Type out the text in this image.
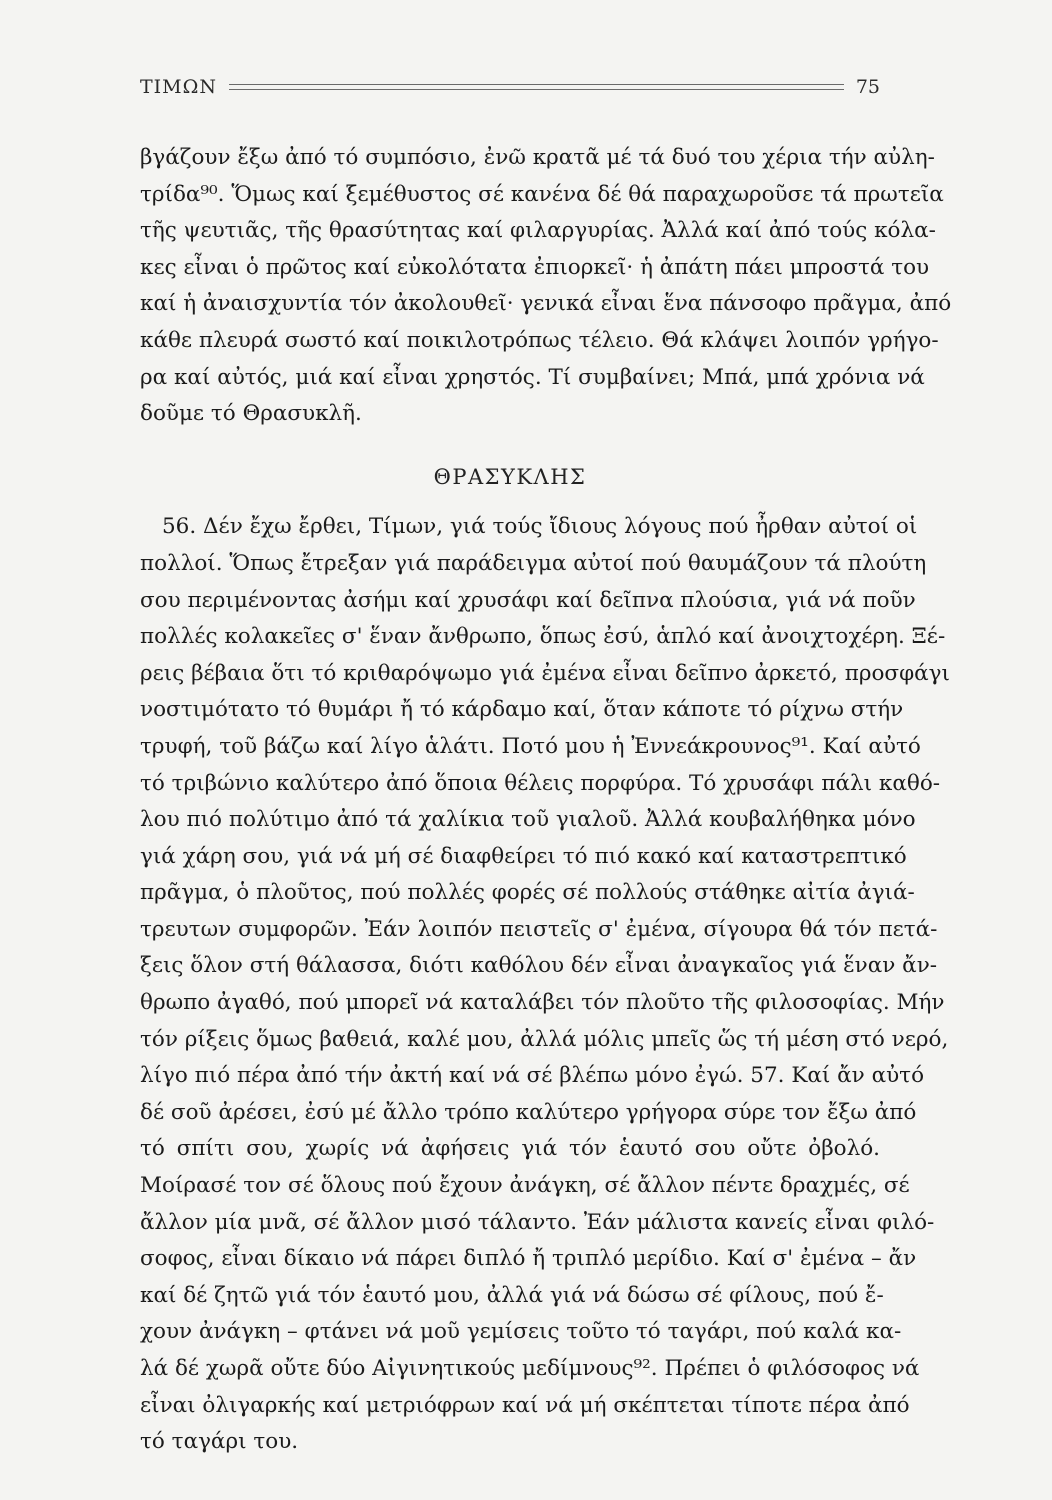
ΤΙΜΩΝ	75

βγάζουν ἔξω ἀπό τό συμπόσιο, ἐνῶ κρατᾶ μέ τά δυό του χέρια τήν αὐλη-
τρίδα⁹⁰. Ὅμως καί ξεμέθυστος σέ κανένα δέ θά παραχωροῦσε τά πρωτεῖα
τῆς ψευτιᾶς, τῆς θρασύτητας καί φιλαργυρίας. Ἀλλά καί ἀπό τούς κόλα-
κες εἶναι ὁ πρῶτος καί εὐκολότατα ἐπιορκεῖ· ἡ ἀπάτη πάει μπροστά του
καί ἡ ἀναισχυντία τόν ἀκολουθεῖ· γενικά εἶναι ἕνα πάνσοφο πρᾶγμα, ἀπό
κάθε πλευρά σωστό καί ποικιλοτρόπως τέλειο. Θά κλάψει λοιπόν γρήγο-
ρα καί αὐτός, μιά καί εἶναι χρηστός. Τί συμβαίνει; Μπά, μπά χρόνια νά
δοῦμε τό Θρασυκλῆ.

ΘΡΑΣΥΚΛΗΣ

56. Δέν ἔχω ἔρθει, Τίμων, γιά τούς ἴδιους λόγους πού ἦρθαν αὐτοί οἱ
πολλοί. Ὅπως ἔτρεξαν γιά παράδειγμα αὐτοί πού θαυμάζουν τά πλούτη
σου περιμένοντας ἀσήμι καί χρυσάφι καί δεῖπνα πλούσια, γιά νά ποῦν
πολλές κολακεῖες σ' ἕναν ἄνθρωπο, ὅπως ἐσύ, ἁπλό καί ἀνοιχτοχέρη. Ξέ-
ρεις βέβαια ὅτι τό κριθαρόψωμο γιά ἐμένα εἶναι δεῖπνο ἀρκετό, προσφάγι
νοστιμότατο τό θυμάρι ἤ τό κάρδαμο καί, ὅταν κάποτε τό ρίχνω στήν
τρυφή, τοῦ βάζω καί λίγο ἁλάτι. Ποτό μου ἡ Ἐννεάκρουνος⁹¹. Καί αὐτό
τό τριβώνιο καλύτερο ἀπό ὅποια θέλεις πορφύρα. Τό χρυσάφι πάλι καθό-
λου πιό πολύτιμο ἀπό τά χαλίκια τοῦ γιαλοῦ. Ἀλλά κουβαλήθηκα μόνο
γιά χάρη σου, γιά νά μή σέ διαφθείρει τό πιό κακό καί καταστρεπτικό
πρᾶγμα, ὁ πλοῦτος, πού πολλές φορές σέ πολλούς στάθηκε αἰτία ἀγιά-
τρευτων συμφορῶν. Ἐάν λοιπόν πειστεῖς σ' ἐμένα, σίγουρα θά τόν πετά-
ξεις ὅλον στή θάλασσα, διότι καθόλου δέν εἶναι ἀναγκαῖος γιά ἕναν ἄν-
θρωπο ἀγαθό, πού μπορεῖ νά καταλάβει τόν πλοῦτο τῆς φιλοσοφίας. Μήν
τόν ρίξεις ὅμως βαθειά, καλέ μου, ἀλλά μόλις μπεῖς ὥς τή μέση στό νερό,
λίγο πιό πέρα ἀπό τήν ἀκτή καί νά σέ βλέπω μόνο ἐγώ. 57. Καί ἄν αὐτό
δέ σοῦ ἀρέσει, ἐσύ μέ ἄλλο τρόπο καλύτερο γρήγορα σύρε τον ἔξω ἀπό
τό σπίτι σου, χωρίς νά ἀφήσεις γιά τόν ἑαυτό σου οὔτε ὀβολό.
Μοίρασέ τον σέ ὅλους πού ἔχουν ἀνάγκη, σέ ἄλλον πέντε δραχμές, σέ
ἄλλον μία μνᾶ, σέ ἄλλον μισό τάλαντο. Ἐάν μάλιστα κανείς εἶναι φιλό-
σοφος, εἶναι δίκαιο νά πάρει διπλό ἤ τριπλό μερίδιο. Καί σ' ἐμένα – ἄν
καί δέ ζητῶ γιά τόν ἑαυτό μου, ἀλλά γιά νά δώσω σέ φίλους, πού ἔ-
χουν ἀνάγκη – φτάνει νά μοῦ γεμίσεις τοῦτο τό ταγάρι, πού καλά κα-
λά δέ χωρᾶ οὔτε δύο Αἰγινητικούς μεδίμνους⁹². Πρέπει ὁ φιλόσοφος νά
εἶναι ὀλιγαρκής καί μετριόφρων καί νά μή σκέπτεται τίποτε πέρα ἀπό
τό ταγάρι του.
